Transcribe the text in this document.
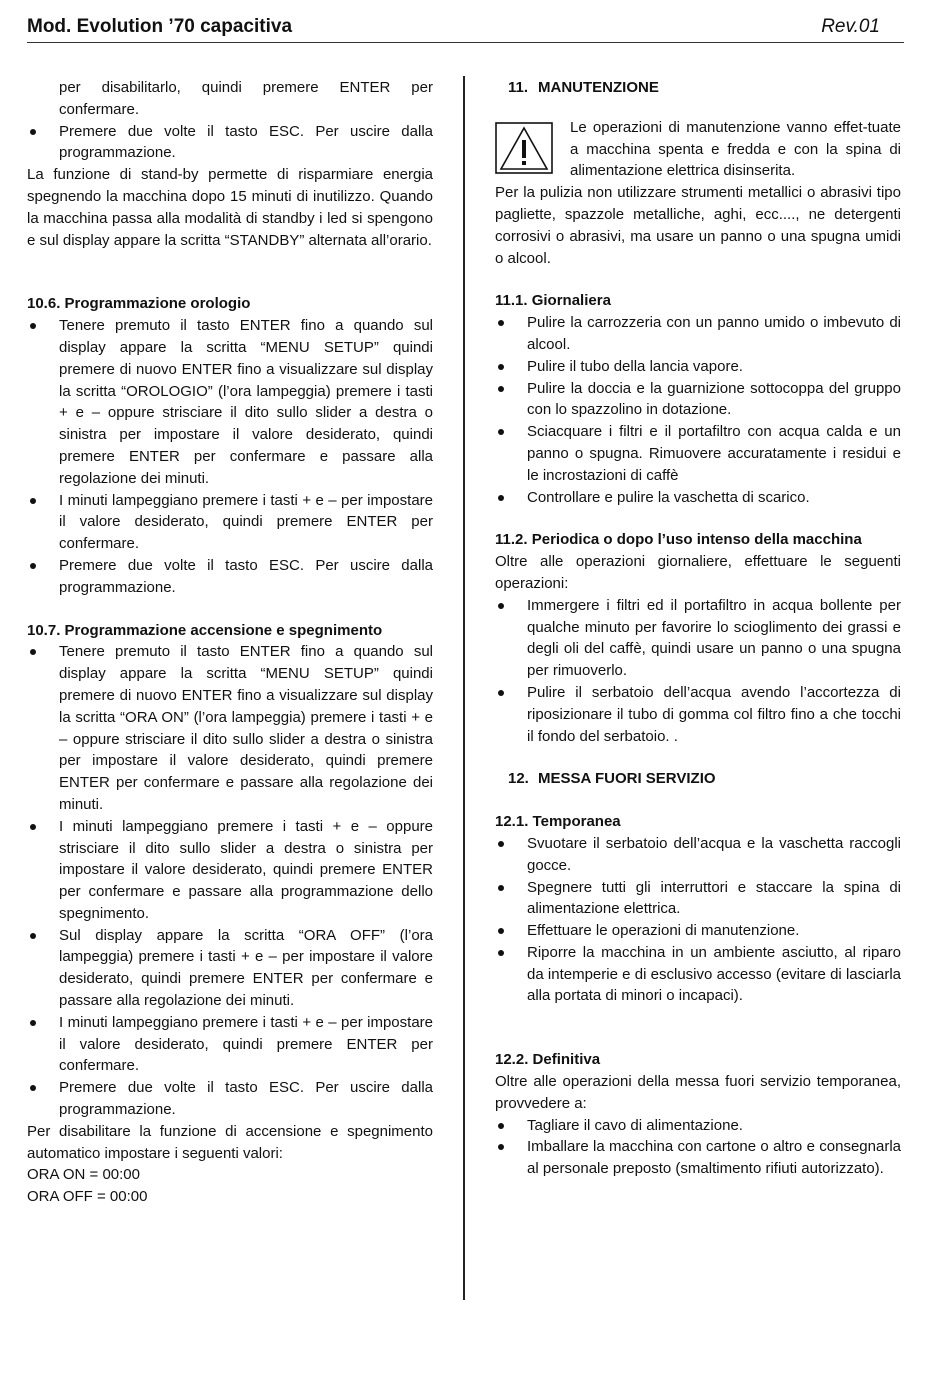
Mod. Evolution ’70 capacitiva	Rev.01
per disabilitarlo, quindi premere ENTER per confermare.
Premere due volte il tasto ESC. Per uscire dalla programmazione.

La funzione di stand-by permette di risparmiare energia spegnendo la macchina dopo 15 minuti di inutilizzo. Quando la macchina passa alla modalità di standby i led si spengono e sul display appare la scritta “STANDBY” alternata all’orario.

10.6. Programmazione orologio
Tenere premuto il tasto ENTER fino a quando sul display appare la scritta “MENU SETUP” quindi premere di nuovo ENTER fino a visualizzare sul display la scritta “OROLOGIO” (l’ora lampeggia) premere i tasti + e – oppure strisciare il dito sullo slider a destra o sinistra per impostare il valore desiderato, quindi premere ENTER per confermare e passare alla regolazione dei minuti.
I minuti lampeggiano premere i tasti + e – per impostare il valore desiderato, quindi premere ENTER per confermare.
Premere due volte il tasto ESC. Per uscire dalla programmazione.
10.7. Programmazione accensione e spegnimento
Tenere premuto il tasto ENTER fino a quando sul display appare la scritta “MENU SETUP” quindi premere di nuovo ENTER fino a visualizzare sul display la scritta “ORA ON” (l’ora lampeggia) premere i tasti + e – oppure strisciare il dito sullo slider a destra o sinistra per impostare il valore desiderato, quindi premere ENTER per confermare e passare alla regolazione dei minuti.
I minuti lampeggiano premere i tasti + e – oppure strisciare il dito sullo slider a destra o sinistra per impostare il valore desiderato, quindi premere ENTER per confermare e passare alla programmazione dello spegnimento.
Sul display appare la scritta “ORA OFF” (l’ora lampeggia) premere i tasti + e – per impostare il valore desiderato, quindi premere ENTER per confermare e passare alla regolazione dei minuti.
I minuti lampeggiano premere i tasti + e – per impostare il valore desiderato, quindi premere ENTER per confermare.
Premere due volte il tasto ESC. Per uscire dalla programmazione.

Per disabilitare la funzione di accensione e spegnimento automatico impostare i seguenti valori:

ORA ON = 00:00

ORA OFF = 00:00

11. MANUTENZIONE

Le operazioni di manutenzione vanno effet-tuate a macchina spenta e fredda e con la spina di alimentazione elettrica disinserita.

Per la pulizia non utilizzare strumenti metallici o abrasivi tipo pagliette, spazzole metalliche, aghi, ecc...., ne detergenti corrosivi o abrasivi, ma usare un panno o una spugna umidi o alcool.

11.1. Giornaliera
Pulire la carrozzeria con un panno umido o imbevuto di alcool.
Pulire il tubo della lancia vapore.
Pulire la doccia e la guarnizione sottocoppa del gruppo con lo spazzolino in dotazione.
Sciacquare i filtri e il portafiltro con acqua calda e un panno o spugna. Rimuovere accuratamente i residui e le incrostazioni di caffè
Controllare e pulire la vaschetta di scarico.
11.2. Periodica o dopo l’uso intenso della macchina

Oltre alle operazioni giornaliere, effettuare le seguenti operazioni:

Immergere i filtri ed il portafiltro in acqua bollente per qualche minuto per favorire lo scioglimento dei grassi e degli oli del caffè, quindi usare un panno o una spugna per rimuoverlo.
Pulire il serbatoio dell’acqua avendo l’accortezza di riposizionare il tubo di gomma col filtro fino a che tocchi il fondo del serbatoio. .
12. MESSA FUORI SERVIZIO
12.1. Temporanea
Svuotare il serbatoio dell’acqua e la vaschetta raccogli gocce.
Spegnere tutti gli interruttori e staccare la spina di alimentazione elettrica.
Effettuare le operazioni di manutenzione.
Riporre la macchina in un ambiente asciutto, al riparo da intemperie e di esclusivo accesso (evitare di lasciarla alla portata di minori o incapaci).
12.2. Definitiva

Oltre alle operazioni della messa fuori servizio temporanea, provvedere a:

Tagliare il cavo di alimentazione.
Imballare la macchina con cartone o altro e consegnarla al personale preposto (smaltimento rifiuti autorizzato).
